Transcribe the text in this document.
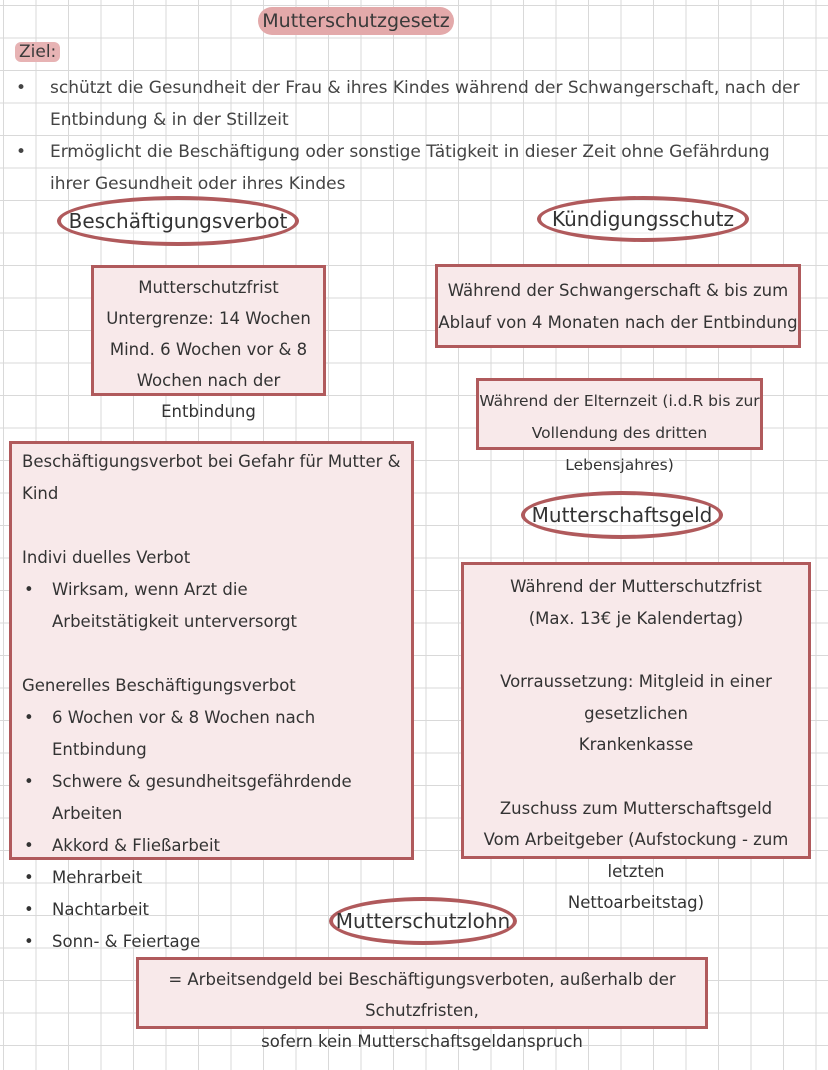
Mutterschutzgesetz
Ziel:
• schützt die Gesundheit der Frau & ihres Kindes während der Schwangerschaft, nach der Entbindung & in der Stillzeit
• Ermöglicht die Beschäftigung oder sonstige Tätigkeit in dieser Zeit ohne Gefährdung ihrer Gesundheit oder ihres Kindes
Beschäftigungsverbot
Mutterschutzfrist
Untergrenze: 14 Wochen
Mind. 6 Wochen vor & 8
Wochen nach der Entbindung
Beschäftigungsverbot bei Gefahr für Mutter & Kind
Indivi duelles Verbot
• Wirksam, wenn Arzt die Arbeitstätigkeit unterversorgt
Generelles Beschäftigungsverbot
• 6 Wochen vor & 8 Wochen nach Entbindung
• Schwere & gesundheitsgefährdende Arbeiten
• Akkord & Fließarbeit
• Mehrarbeit
• Nachtarbeit
• Sonn- & Feiertage
Kündigungsschutz
Während der Schwangerschaft & bis zum
Ablauf von 4 Monaten nach der Entbindung
Während der Elternzeit (i.d.R bis zur
Vollendung des dritten Lebensjahres)
Mutterschaftsgeld
Während der Mutterschutzfrist
(Max. 13€ je Kalendertag)
Vorraussetzung: Mitgleid in einer gesetzlichen
Krankenkasse
Zuschuss zum Mutterschaftsgeld
Vom Arbeitgeber (Aufstockung - zum letzten
Nettoarbeitstag)
Mutterschutzlohn
= Arbeitsendgeld bei Beschäftigungsverboten, außerhalb der Schutzfristen,
sofern kein Mutterschaftsgeldanspruch
